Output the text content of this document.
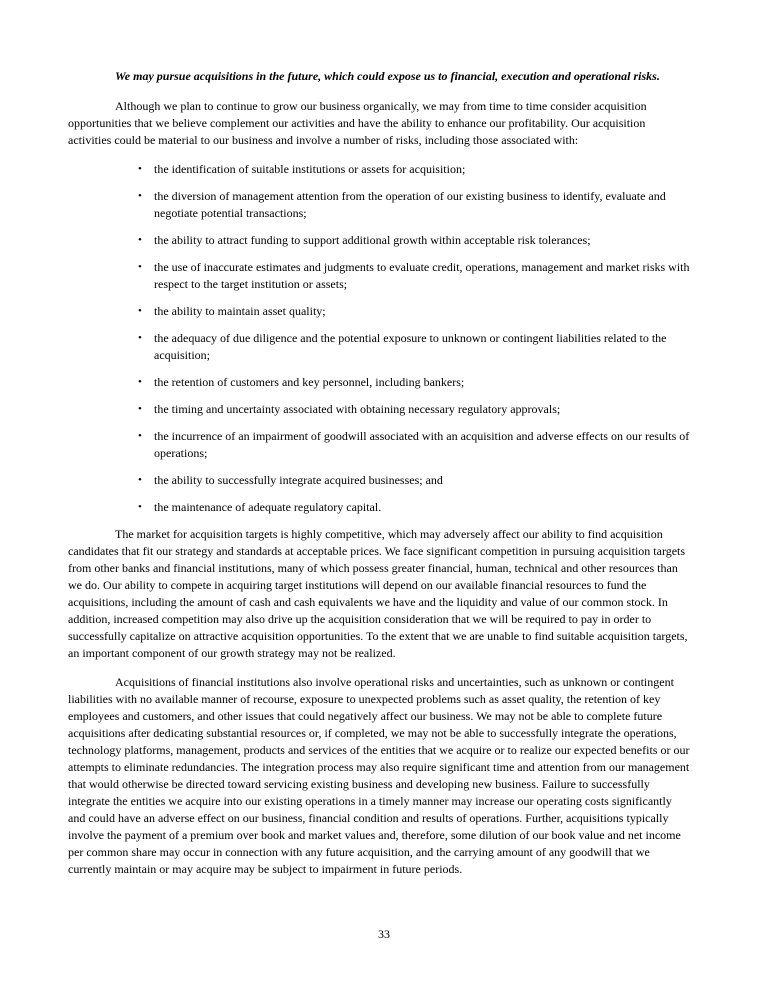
We may pursue acquisitions in the future, which could expose us to financial, execution and operational risks.

Although we plan to continue to grow our business organically, we may from time to time consider acquisition opportunities that we believe complement our activities and have the ability to enhance our profitability. Our acquisition activities could be material to our business and involve a number of risks, including those associated with:

•	the identification of suitable institutions or assets for acquisition;
•	the diversion of management attention from the operation of our existing business to identify, evaluate and negotiate potential transactions;
•	the ability to attract funding to support additional growth within acceptable risk tolerances;
•	the use of inaccurate estimates and judgments to evaluate credit, operations, management and market risks with respect to the target institution or assets;
•	the ability to maintain asset quality;
•	the adequacy of due diligence and the potential exposure to unknown or contingent liabilities related to the acquisition;
•	the retention of customers and key personnel, including bankers;
•	the timing and uncertainty associated with obtaining necessary regulatory approvals;
•	the incurrence of an impairment of goodwill associated with an acquisition and adverse effects on our results of operations;
•	the ability to successfully integrate acquired businesses; and
•	the maintenance of adequate regulatory capital.

The market for acquisition targets is highly competitive, which may adversely affect our ability to find acquisition candidates that fit our strategy and standards at acceptable prices. We face significant competition in pursuing acquisition targets from other banks and financial institutions, many of which possess greater financial, human, technical and other resources than we do. Our ability to compete in acquiring target institutions will depend on our available financial resources to fund the acquisitions, including the amount of cash and cash equivalents we have and the liquidity and value of our common stock. In addition, increased competition may also drive up the acquisition consideration that we will be required to pay in order to successfully capitalize on attractive acquisition opportunities. To the extent that we are unable to find suitable acquisition targets, an important component of our growth strategy may not be realized.

Acquisitions of financial institutions also involve operational risks and uncertainties, such as unknown or contingent liabilities with no available manner of recourse, exposure to unexpected problems such as asset quality, the retention of key employees and customers, and other issues that could negatively affect our business. We may not be able to complete future acquisitions after dedicating substantial resources or, if completed, we may not be able to successfully integrate the operations, technology platforms, management, products and services of the entities that we acquire or to realize our expected benefits or our attempts to eliminate redundancies. The integration process may also require significant time and attention from our management that would otherwise be directed toward servicing existing business and developing new business. Failure to successfully integrate the entities we acquire into our existing operations in a timely manner may increase our operating costs significantly and could have an adverse effect on our business, financial condition and results of operations. Further, acquisitions typically involve the payment of a premium over book and market values and, therefore, some dilution of our book value and net income per common share may occur in connection with any future acquisition, and the carrying amount of any goodwill that we currently maintain or may acquire may be subject to impairment in future periods.

33
